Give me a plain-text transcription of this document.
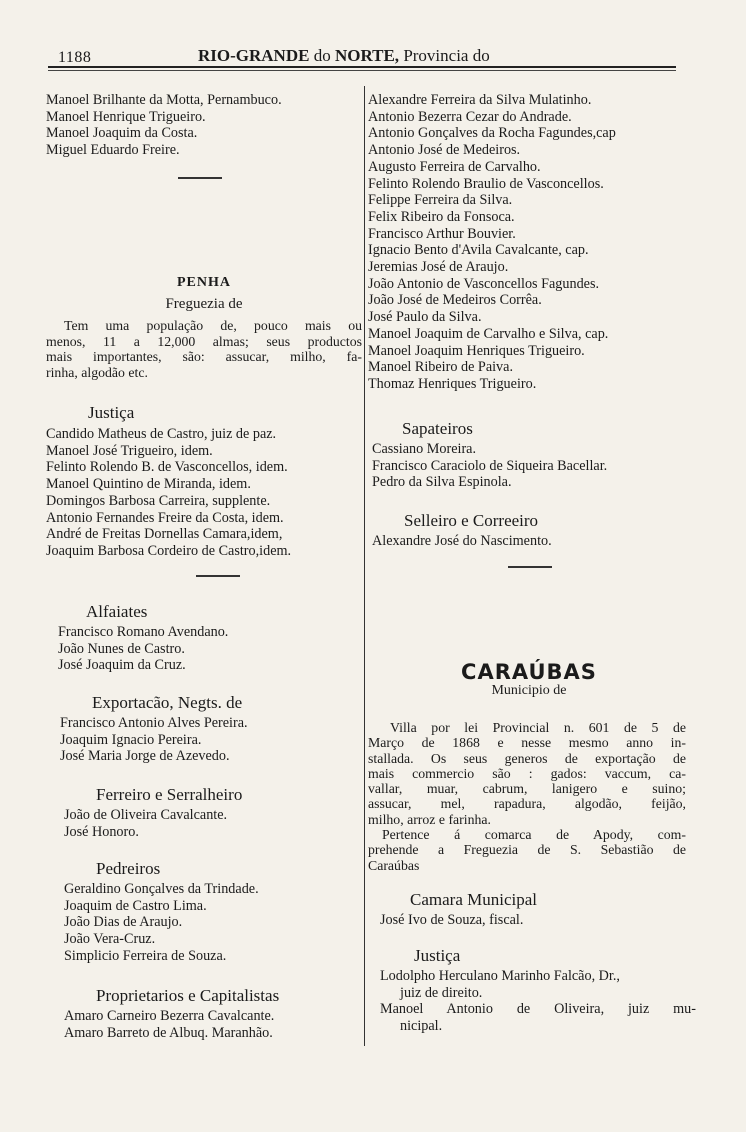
1188	RIO-GRANDE do NORTE, Provincia do
Manoel Brilhante da Motta, Pernambuco.
Manoel Henrique Trigueiro.
Manoel Joaquim da Costa.
Miguel Eduardo Freire.
PENHA
Freguezia de
Tem uma população de, pouco mais ou
menos, 11 a 12,000 almas; seus productos
mais importantes, são: assucar, milho, fa-
rinha, algodão etc.
Justiça
Candido Matheus de Castro, juiz de paz.
Manoel José Trigueiro, idem.
Felinto Rolendo B. de Vasconcellos, idem.
Manoel Quintino de Miranda, idem.
Domingos Barbosa Carreira, supplente.
Antonio Fernandes Freire da Costa, idem.
André de Freitas Dornellas Camara,idem,
Joaquim Barbosa Cordeiro de Castro,idem.
Alfaiates
Francisco Romano Avendano.
João Nunes de Castro.
José Joaquim da Cruz.
Exportacão, Negts. de
Francisco Antonio Alves Pereira.
Joaquim Ignacio Pereira.
José Maria Jorge de Azevedo.
Ferreiro e Serralheiro
João de Oliveira Cavalcante.
José Honoro.
Pedreiros
Geraldino Gonçalves da Trindade.
Joaquim de Castro Lima.
João Dias de Araujo.
João Vera-Cruz.
Simplicio Ferreira de Souza.
Proprietarios e Capitalistas
Amaro Carneiro Bezerra Cavalcante.
Amaro Barreto de Albuq. Maranhão.
Alexandre Ferreira da Silva Mulatinho.
Antonio Bezerra Cezar do Andrade.
Antonio Gonçalves da Rocha Fagundes,cap
Antonio José de Medeiros.
Augusto Ferreira de Carvalho.
Felinto Rolendo Braulio de Vasconcellos.
Felippe Ferreira da Silva.
Felix Ribeiro da Fonsoca.
Francisco Arthur Bouvier.
Ignacio Bento d'Avila Cavalcante, cap.
Jeremias José de Araujo.
João Antonio de Vasconcellos Fagundes.
João José de Medeiros Corrêa.
José Paulo da Silva.
Manoel Joaquim de Carvalho e Silva, cap.
Manoel Joaquim Henriques Trigueiro.
Manoel Ribeiro de Paiva.
Thomaz Henriques Trigueiro.
Sapateiros
Cassiano Moreira.
Francisco Caraciolo de Siqueira Bacellar.
Pedro da Silva Espinola.
Selleiro e Correeiro
Alexandre José do Nascimento.
CARAÚBAS
Municipio de
Villa por lei Provincial n. 601 de 5 de
Março de 1868 e nesse mesmo anno in-
stallada. Os seus generos de exportação de
mais commercio são : gados: vaccum, ca-
vallar, muar, cabrum, lanigero e suino;
assucar, mel, rapadura, algodão, feijão,
milho, arroz e farinha.
Pertence á comarca de Apody, com-
prehende a Freguezia de S. Sebastião de
Caraúbas
Camara Municipal
José Ivo de Souza, fiscal.
Justiça
Lodolpho Herculano Marinho Falcão, Dr.,
juiz de direito.
Manoel Antonio de Oliveira, juiz mu-
nicipal.
